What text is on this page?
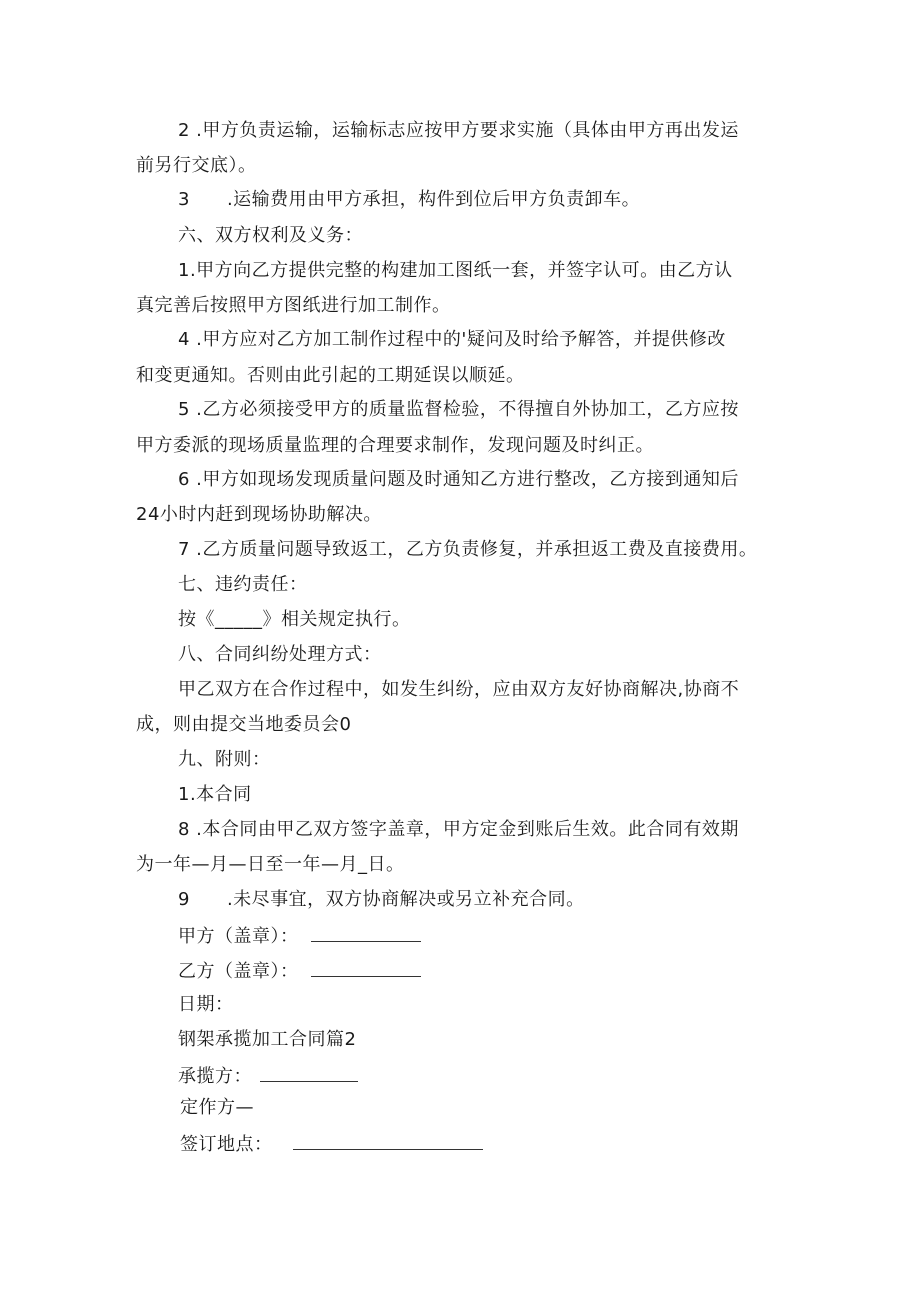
2 .甲方负责运输，运输标志应按甲方要求实施（具体由甲方再出发运
前另行交底）。
3　　.运输费用由甲方承担，构件到位后甲方负责卸车。
六、双方权利及义务：
1.甲方向乙方提供完整的构建加工图纸一套，并签字认可。由乙方认
真完善后按照甲方图纸进行加工制作。
4 .甲方应对乙方加工制作过程中的'疑问及时给予解答，并提供修改
和变更通知。否则由此引起的工期延误以顺延。
5 .乙方必须接受甲方的质量监督检验，不得擅自外协加工，乙方应按
甲方委派的现场质量监理的合理要求制作，发现问题及时纠正。
6 .甲方如现场发现质量问题及时通知乙方进行整改，乙方接到通知后
24小时内赶到现场协助解决。
7 .乙方质量问题导致返工，乙方负责修复，并承担返工费及直接费用。
七、违约责任：
按《_____》相关规定执行。
八、合同纠纷处理方式：
甲乙双方在合作过程中，如发生纠纷，应由双方友好协商解决,协商不
成，则由提交当地委员会0
九、附则：
1.本合同
8 .本合同由甲乙双方签字盖章，甲方定金到账后生效。此合同有效期
为一年—月—日至一年—月_日。
9　　.未尽事宜，双方协商解决或另立补充合同。
甲方（盖章）：
乙方（盖章）：
日期：
钢架承揽加工合同篇2
承揽方：
定作方—
签订地点：
